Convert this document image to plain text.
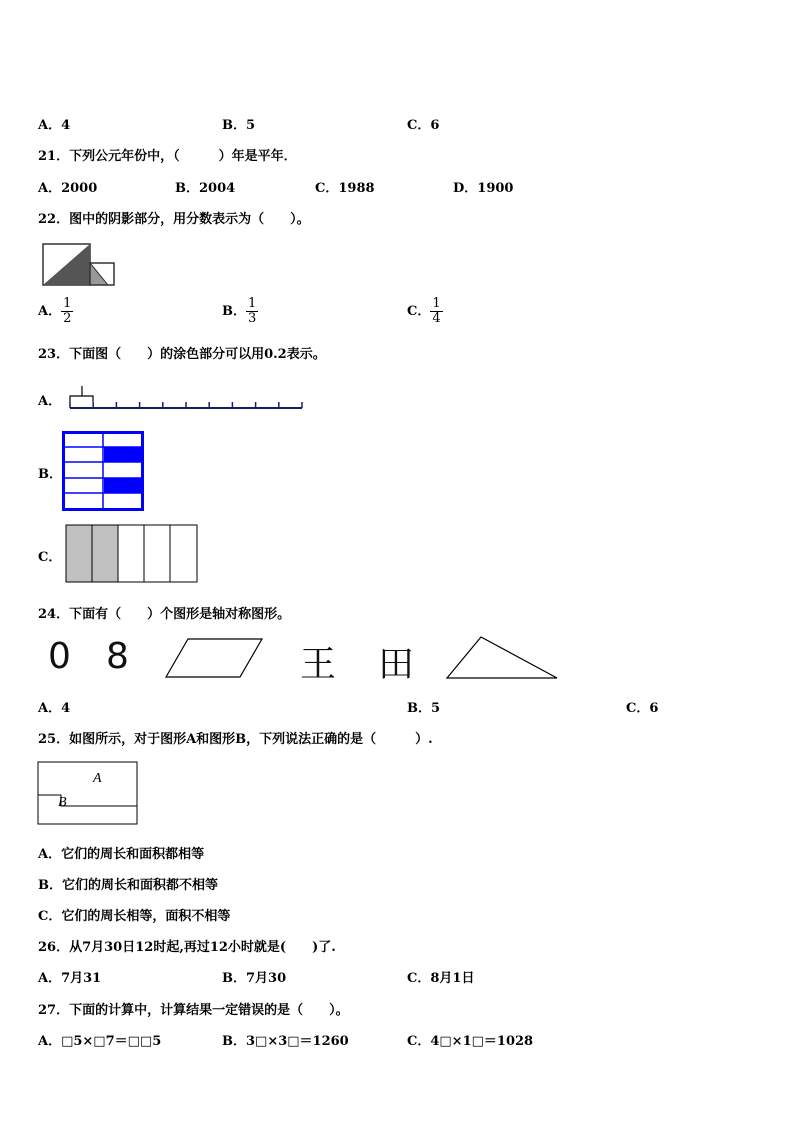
A．4	B．5	C．6
21．下列公元年份中，（　　　）年是平年．
A．2000	B．2004	C．1988	D．1900
22．图中的阴影部分，用分数表示为（　　）。
A． $\frac{1}{2}$	B． $\frac{1}{3}$	C． $\frac{1}{4}$
23．下面图（　　）的涂色部分可以用0.2表示。
A．
B．
C．
24．下面有（　　）个图形是轴对称图形。
0 8	王 田
A．4	B．5	C．6
25．如图所示，对于图形A和图形B，下列说法正确的是（　　　）.
A
B
A．它们的周长和面积都相等
B．它们的周长和面积都不相等
C．它们的周长相等，面积不相等
26．从7月30日12时起,再过12小时就是(　　)了.
A．7月31	B．7月30	C．8月1日
27．下面的计算中，计算结果一定错误的是（　　）。
A．□5×□7＝□□5	B．3□×3□＝1260	C．4□×1□＝1028
